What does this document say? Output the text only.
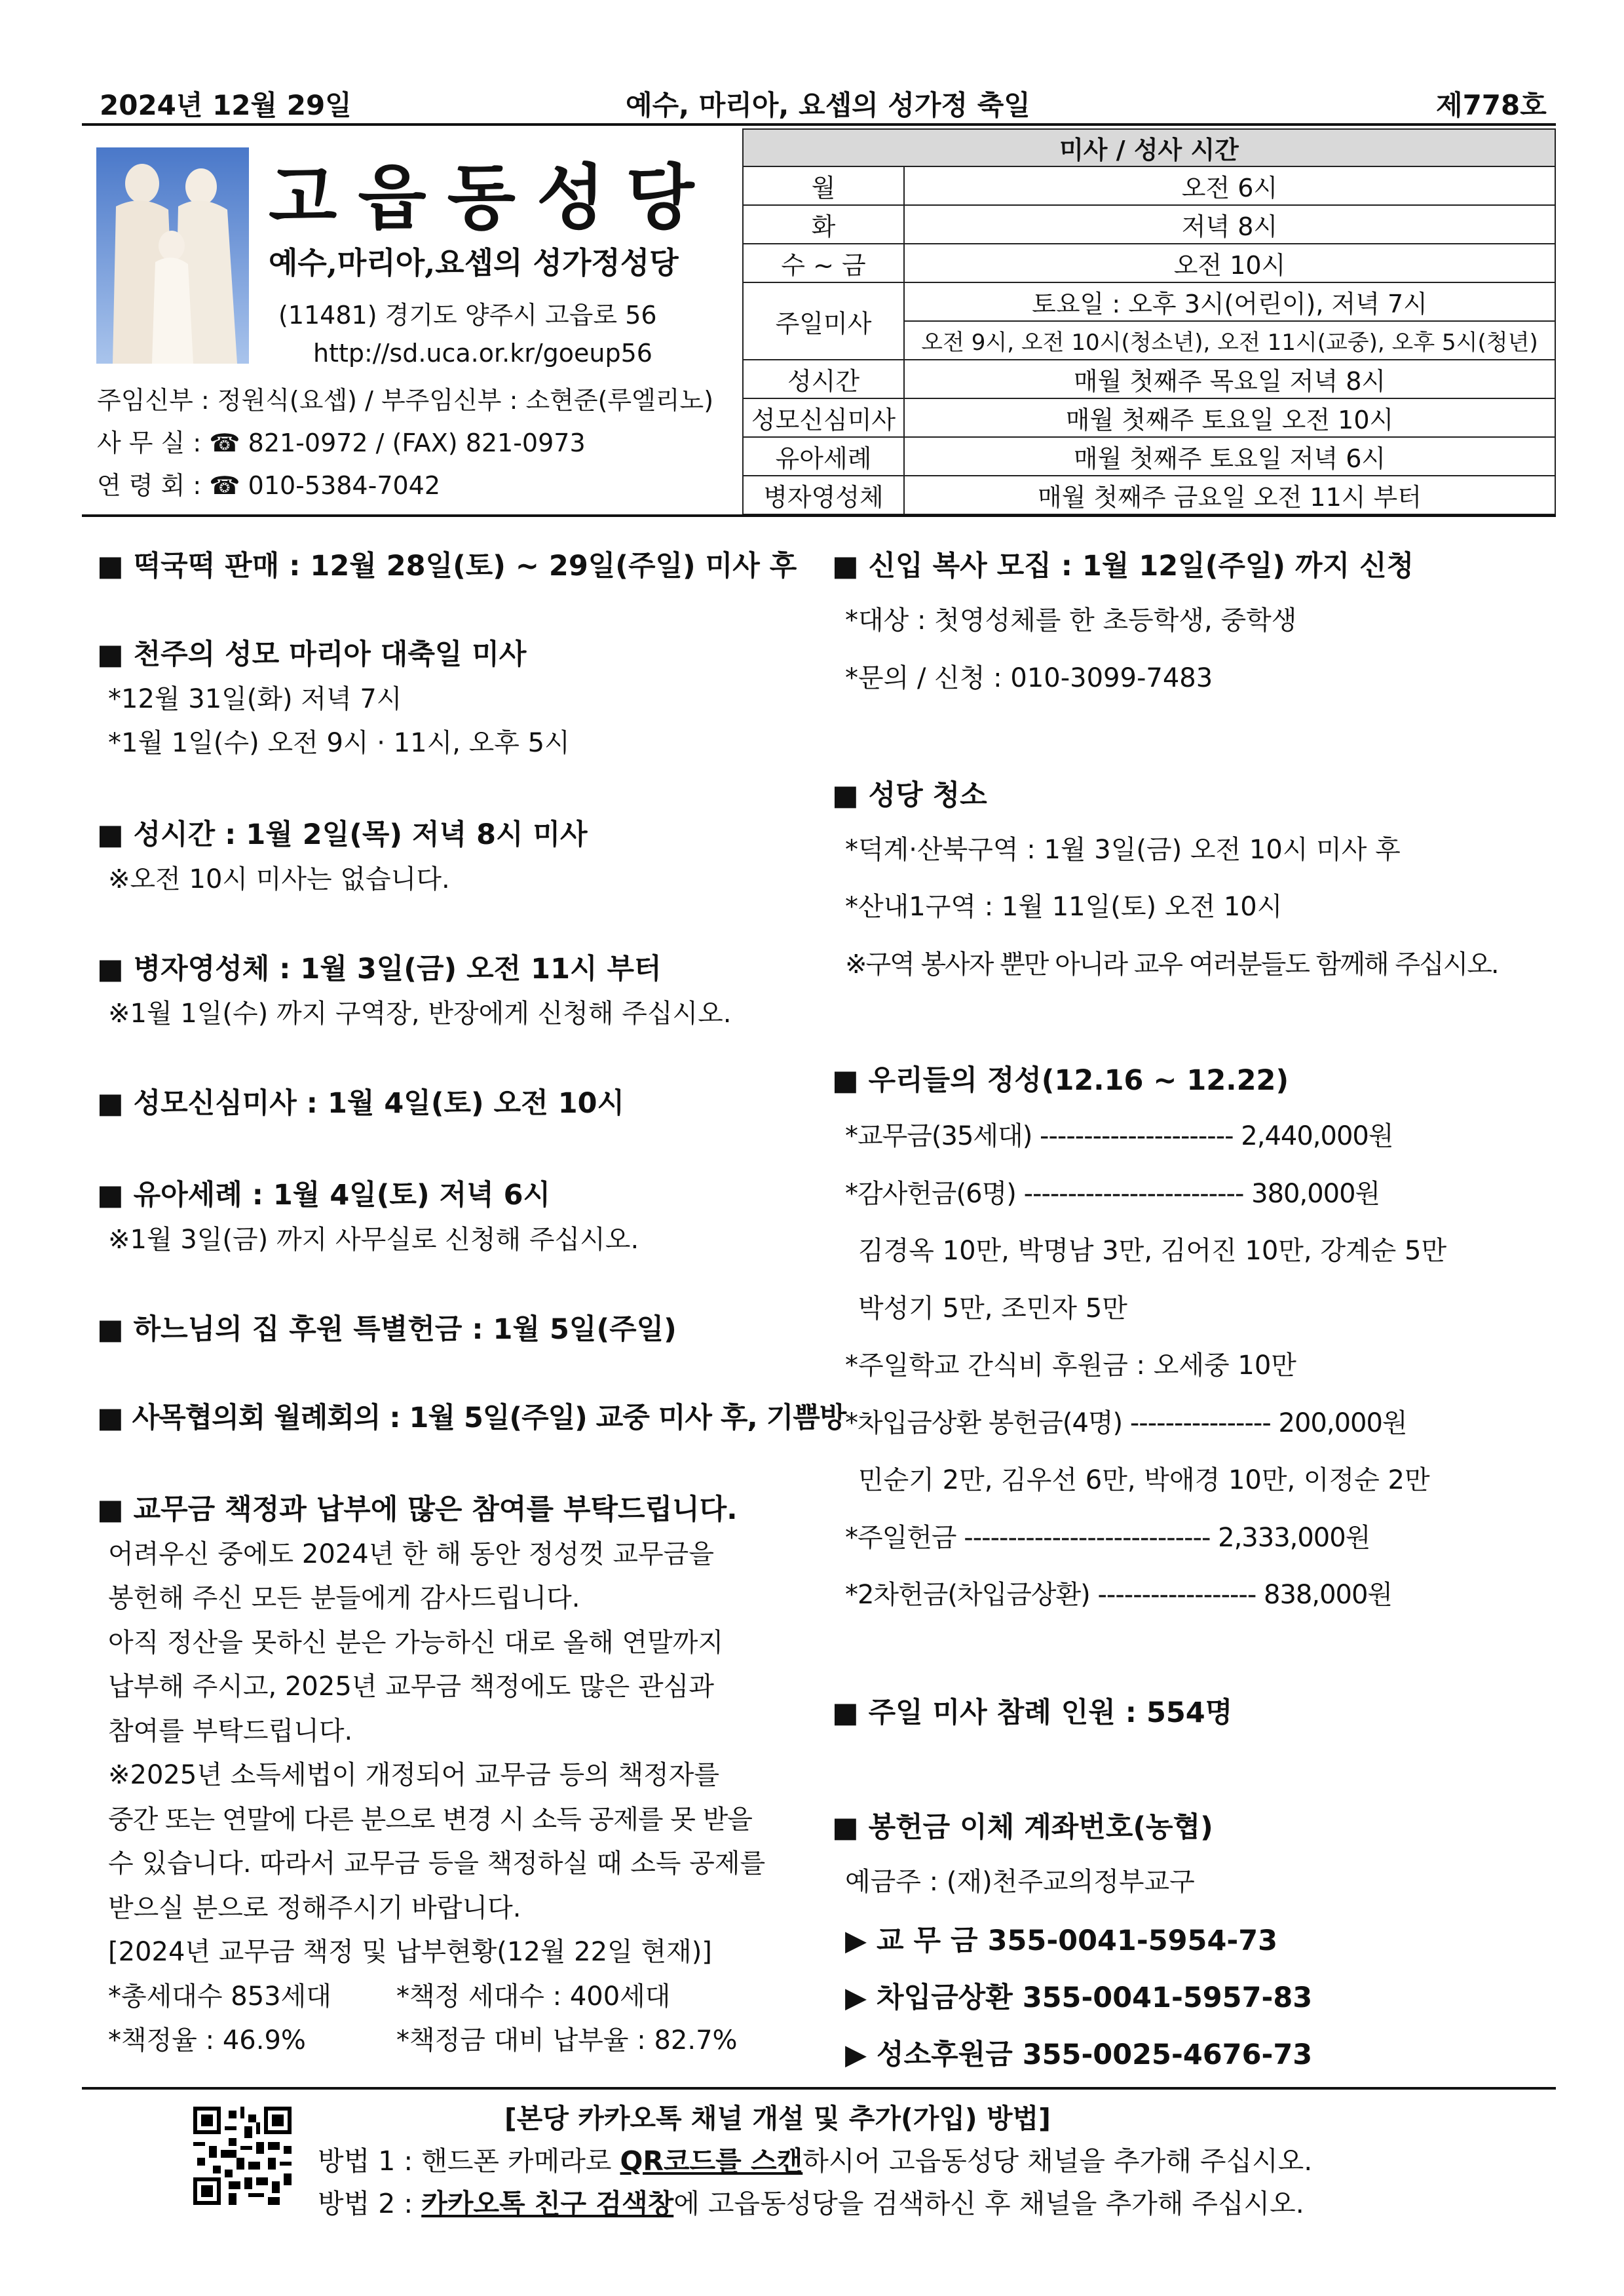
2024년 12월 29일	예수, 마리아, 요셉의 성가정 축일	제778호
고읍동성당
예수,마리아,요셉의 성가정성당
(11481) 경기도 양주시 고읍로 56
http://sd.uca.or.kr/goeup56
주임신부 : 정원식(요셉) / 부주임신부 : 소현준(루엘리노)
사 무 실 : ☎ 821-0972 / (FAX) 821-0973
연 령 회 : ☎ 010-5384-7042
미사 / 성사 시간	
월	오전 6시
화	저녁 8시
수 ~ 금	오전 10시
주일미사	토요일 : 오후 3시(어린이), 저녁 7시
	오전 9시, 오전 10시(청소년), 오전 11시(교중), 오후 5시(청년)
성시간	매월 첫째주 목요일 저녁 8시
성모신심미사	매월 첫째주 토요일 오전 10시
유아세례	매월 첫째주 토요일 저녁 6시
병자영성체	매월 첫째주 금요일 오전 11시 부터
■ 떡국떡 판매 : 12월 28일(토) ~ 29일(주일) 미사 후
■ 천주의 성모 마리아 대축일 미사
*12월 31일(화) 저녁 7시
*1월 1일(수) 오전 9시 · 11시, 오후 5시
■ 성시간 : 1월 2일(목) 저녁 8시 미사
※오전 10시 미사는 없습니다.
■ 병자영성체 : 1월 3일(금) 오전 11시 부터
※1월 1일(수) 까지 구역장, 반장에게 신청해 주십시오.
■ 성모신심미사 : 1월 4일(토) 오전 10시
■ 유아세례 : 1월 4일(토) 저녁 6시
※1월 3일(금) 까지 사무실로 신청해 주십시오.
■ 하느님의 집 후원 특별헌금 : 1월 5일(주일)
■ 사목협의회 월례회의 : 1월 5일(주일) 교중 미사 후, 기쁨방
■ 교무금 책정과 납부에 많은 참여를 부탁드립니다.
어려우신 중에도 2024년 한 해 동안 정성껏 교무금을
봉헌해 주신 모든 분들에게 감사드립니다.
아직 정산을 못하신 분은 가능하신 대로 올해 연말까지
납부해 주시고, 2025년 교무금 책정에도 많은 관심과
참여를 부탁드립니다.
※2025년 소득세법이 개정되어 교무금 등의 책정자를
중간 또는 연말에 다른 분으로 변경 시 소득 공제를 못 받을
수 있습니다. 따라서 교무금 등을 책정하실 때 소득 공제를
받으실 분으로 정해주시기 바랍니다.
[2024년 교무금 책정 및 납부현황(12월 22일 현재)]
*총세대수 853세대 *책정 세대수 : 400세대
*책정율 : 46.9%	*책정금 대비 납부율 : 82.7%
■ 신입 복사 모집 : 1월 12일(주일) 까지 신청
*대상 : 첫영성체를 한 초등학생, 중학생
*문의 / 신청 : 010-3099-7483
■ 성당 청소
*덕계·산북구역 : 1월 3일(금) 오전 10시 미사 후
*산내1구역 : 1월 11일(토) 오전 10시
※구역 봉사자 뿐만 아니라 교우 여러분들도 함께해 주십시오.
■ 우리들의 정성(12.16 ~ 12.22)
*교무금(35세대) ---------------------- 2,440,000원
*감사헌금(6명) ------------------------- 380,000원
김경옥 10만, 박명남 3만, 김어진 10만, 강계순 5만
박성기 5만, 조민자 5만
*주일학교 간식비 후원금 : 오세중 10만
*차입금상환 봉헌금(4명) ---------------- 200,000원
민순기 2만, 김우선 6만, 박애경 10만, 이정순 2만
*주일헌금 ---------------------------- 2,333,000원
*2차헌금(차입금상환) ------------------ 838,000원
■ 주일 미사 참례 인원 : 554명
■ 봉헌금 이체 계좌번호(농협)
예금주 : (재)천주교의정부교구
▶ 교 무 금 355-0041-5954-73
▶ 차입금상환 355-0041-5957-83
▶ 성소후원금 355-0025-4676-73
[본당 카카오톡 채널 개설 및 추가(가입) 방법]
방법 1 : 핸드폰 카메라로 QR코드를 스캔하시어 고읍동성당 채널을 추가해 주십시오.
방법 2 : 카카오톡 친구 검색창에 고읍동성당을 검색하신 후 채널을 추가해 주십시오.
